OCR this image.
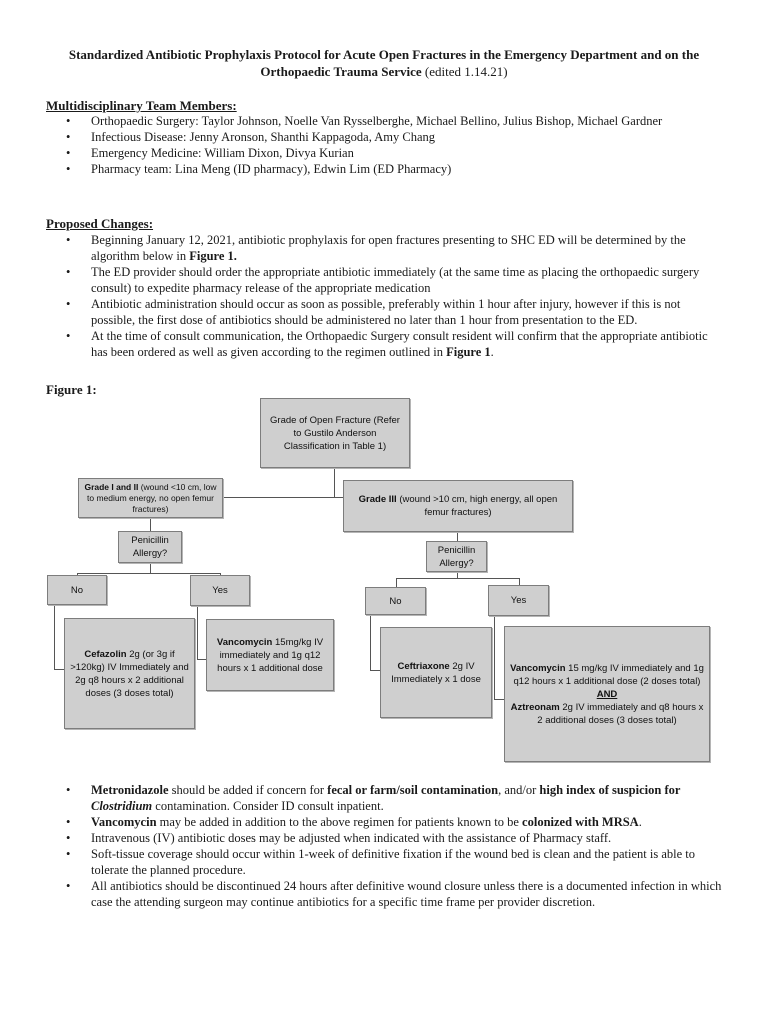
Standardized Antibiotic Prophylaxis Protocol for Acute Open Fractures in the Emergency Department and on the Orthopaedic Trauma Service (edited 1.14.21)
Multidisciplinary Team Members:
• Orthopaedic Surgery: Taylor Johnson, Noelle Van Rysselberghe, Michael Bellino, Julius Bishop, Michael Gardner
• Infectious Disease: Jenny Aronson, Shanthi Kappagoda, Amy Chang
• Emergency Medicine: William Dixon, Divya Kurian
• Pharmacy team: Lina Meng (ID pharmacy), Edwin Lim (ED Pharmacy)
Proposed Changes:
• Beginning January 12, 2021, antibiotic prophylaxis for open fractures presenting to SHC ED will be determined by the algorithm below in Figure 1.
• The ED provider should order the appropriate antibiotic immediately (at the same time as placing the orthopaedic surgery consult) to expedite pharmacy release of the appropriate medication
• Antibiotic administration should occur as soon as possible, preferably within 1 hour after injury, however if this is not possible, the first dose of antibiotics should be administered no later than 1 hour from presentation to the ED.
• At the time of consult communication, the Orthopaedic Surgery consult resident will confirm that the appropriate antibiotic has been ordered as well as given according to the regimen outlined in Figure 1.
Figure 1:
Grade of Open Fracture (Refer to Gustilo Anderson Classification in Table 1)
Grade I and II (wound <10 cm, low to medium energy, no open femur fractures)
Grade III (wound >10 cm, high energy, all open femur fractures)
Penicillin Allergy?	Penicillin Allergy?
No	Yes
No	Yes
Cefazolin 2g (or 3g if >120kg) IV Immediately and 2g q8 hours x 2 additional doses (3 doses total)
Vancomycin 15mg/kg IV immediately and 1g q12 hours x 1 additional dose	Ceftriaxone 2g IV Immediately x 1 dose
Vancomycin 15 mg/kg IV immediately and 1g q12 hours x 1 additional dose (2 doses total)
AND
Aztreonam 2g IV immediately and q8 hours x 2 additional doses (3 doses total)
• Metronidazole should be added if concern for fecal or farm/soil contamination, and/or high index of suspicion for Clostridium contamination. Consider ID consult inpatient.
• Vancomycin may be added in addition to the above regimen for patients known to be colonized with MRSA.
• Intravenous (IV) antibiotic doses may be adjusted when indicated with the assistance of Pharmacy staff.
• Soft-tissue coverage should occur within 1-week of definitive fixation if the wound bed is clean and the patient is able to tolerate the planned procedure.
• All antibiotics should be discontinued 24 hours after definitive wound closure unless there is a documented infection in which case the attending surgeon may continue antibiotics for a specific time frame per provider discretion.
